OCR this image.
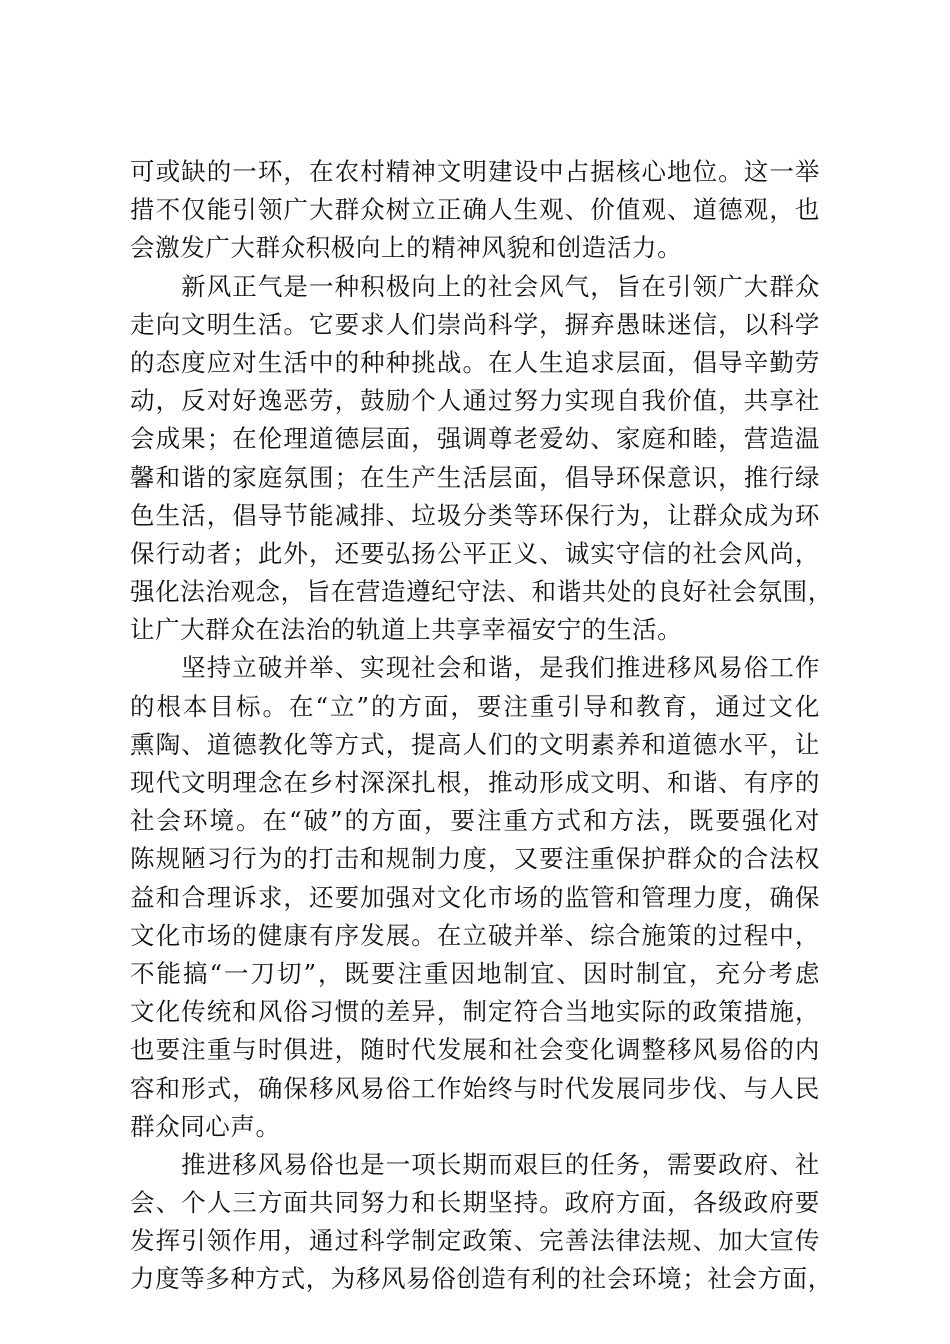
可或缺的一环，在农村精神文明建设中占据核心地位。这一举
措不仅能引领广大群众树立正确人生观、价值观、道德观，也
会激发广大群众积极向上的精神风貌和创造活力。
　　新风正气是一种积极向上的社会风气，旨在引领广大群众
走向文明生活。它要求人们崇尚科学，摒弃愚昧迷信，以科学
的态度应对生活中的种种挑战。在人生追求层面，倡导辛勤劳
动，反对好逸恶劳，鼓励个人通过努力实现自我价值，共享社
会成果；在伦理道德层面，强调尊老爱幼、家庭和睦，营造温
馨和谐的家庭氛围；在生产生活层面，倡导环保意识，推行绿
色生活，倡导节能减排、垃圾分类等环保行为，让群众成为环
保行动者；此外，还要弘扬公平正义、诚实守信的社会风尚，
强化法治观念，旨在营造遵纪守法、和谐共处的良好社会氛围，
让广大群众在法治的轨道上共享幸福安宁的生活。
　　坚持立破并举、实现社会和谐，是我们推进移风易俗工作
的根本目标。在“立”的方面，要注重引导和教育，通过文化
熏陶、道德教化等方式，提高人们的文明素养和道德水平，让
现代文明理念在乡村深深扎根，推动形成文明、和谐、有序的
社会环境。在“破”的方面，要注重方式和方法，既要强化对
陈规陋习行为的打击和规制力度，又要注重保护群众的合法权
益和合理诉求，还要加强对文化市场的监管和管理力度，确保
文化市场的健康有序发展。在立破并举、综合施策的过程中，
不能搞“一刀切”，既要注重因地制宜、因时制宜，充分考虑
文化传统和风俗习惯的差异，制定符合当地实际的政策措施，
也要注重与时俱进，随时代发展和社会变化调整移风易俗的内
容和形式，确保移风易俗工作始终与时代发展同步伐、与人民
群众同心声。
　　推进移风易俗也是一项长期而艰巨的任务，需要政府、社
会、个人三方面共同努力和长期坚持。政府方面，各级政府要
发挥引领作用，通过科学制定政策、完善法律法规、加大宣传
力度等多种方式，为移风易俗创造有利的社会环境；社会方面，
